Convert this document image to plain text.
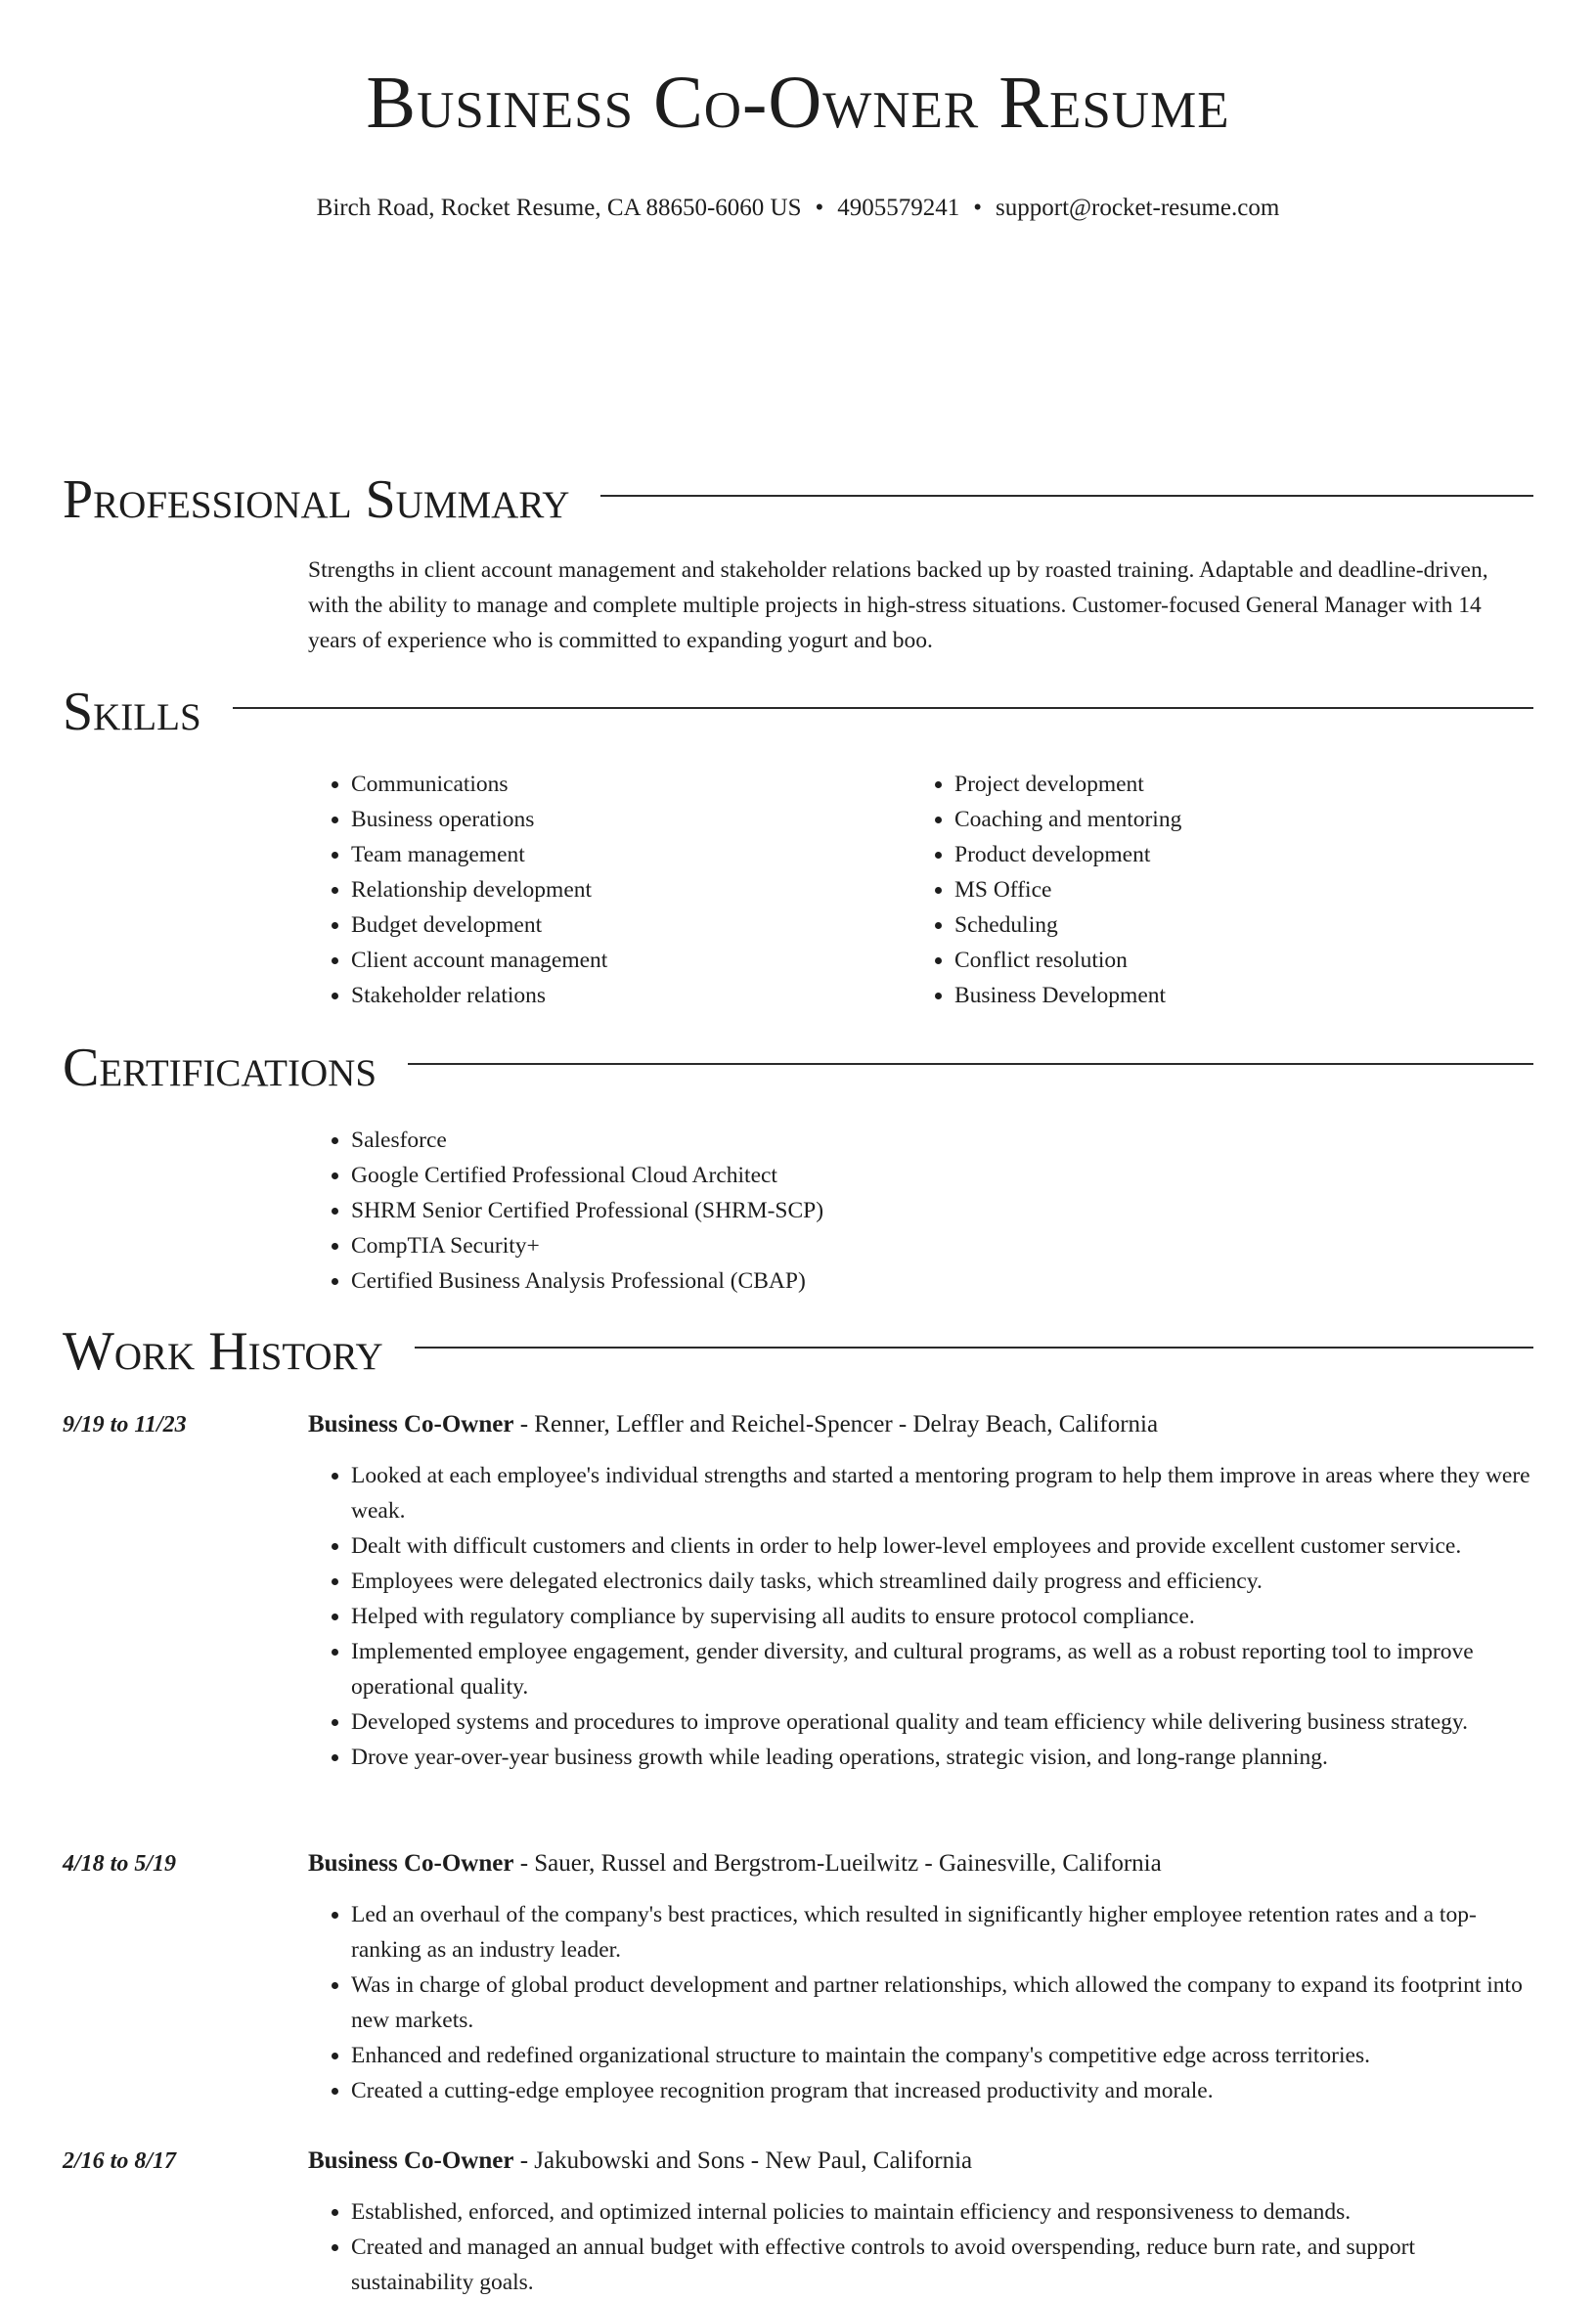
Business Co-Owner Resume
Birch Road, Rocket Resume, CA 88650-6060 US • 4905579241 • support@rocket-resume.com
Professional Summary

Strengths in client account management and stakeholder relations backed up by roasted training. Adaptable and deadline-driven, with the ability to manage and complete multiple projects in high-stress situations. Customer-focused General Manager with 14 years of experience who is committed to expanding yogurt and boo.

Skills
• Communications
• Business operations
• Team management
• Relationship development
• Budget development
• Client account management
• Stakeholder relations
• Project development
• Coaching and mentoring
• Product development
• MS Office
• Scheduling
• Conflict resolution
• Business Development
Certifications
• Salesforce
• Google Certified Professional Cloud Architect
• SHRM Senior Certified Professional (SHRM-SCP)
• CompTIA Security+
• Certified Business Analysis Professional (CBAP)
Work History
9/19 to 11/23	Business Co-Owner - Renner, Leffler and Reichel-Spencer - Delray Beach, California
• Looked at each employee's individual strengths and started a mentoring program to help them improve in areas where they were weak.
• Dealt with difficult customers and clients in order to help lower-level employees and provide excellent customer service.
• Employees were delegated electronics daily tasks, which streamlined daily progress and efficiency.
• Helped with regulatory compliance by supervising all audits to ensure protocol compliance.
• Implemented employee engagement, gender diversity, and cultural programs, as well as a robust reporting tool to improve operational quality.
• Developed systems and procedures to improve operational quality and team efficiency while delivering business strategy.
• Drove year-over-year business growth while leading operations, strategic vision, and long-range planning.
4/18 to 5/19	Business Co-Owner - Sauer, Russel and Bergstrom-Lueilwitz - Gainesville, California
• Led an overhaul of the company's best practices, which resulted in significantly higher employee retention rates and a top-ranking as an industry leader.
• Was in charge of global product development and partner relationships, which allowed the company to expand its footprint into new markets.
• Enhanced and redefined organizational structure to maintain the company's competitive edge across territories.
• Created a cutting-edge employee recognition program that increased productivity and morale.
2/16 to 8/17	Business Co-Owner - Jakubowski and Sons - New Paul, California
• Established, enforced, and optimized internal policies to maintain efficiency and responsiveness to demands.
• Created and managed an annual budget with effective controls to avoid overspending, reduce burn rate, and support sustainability goals.
